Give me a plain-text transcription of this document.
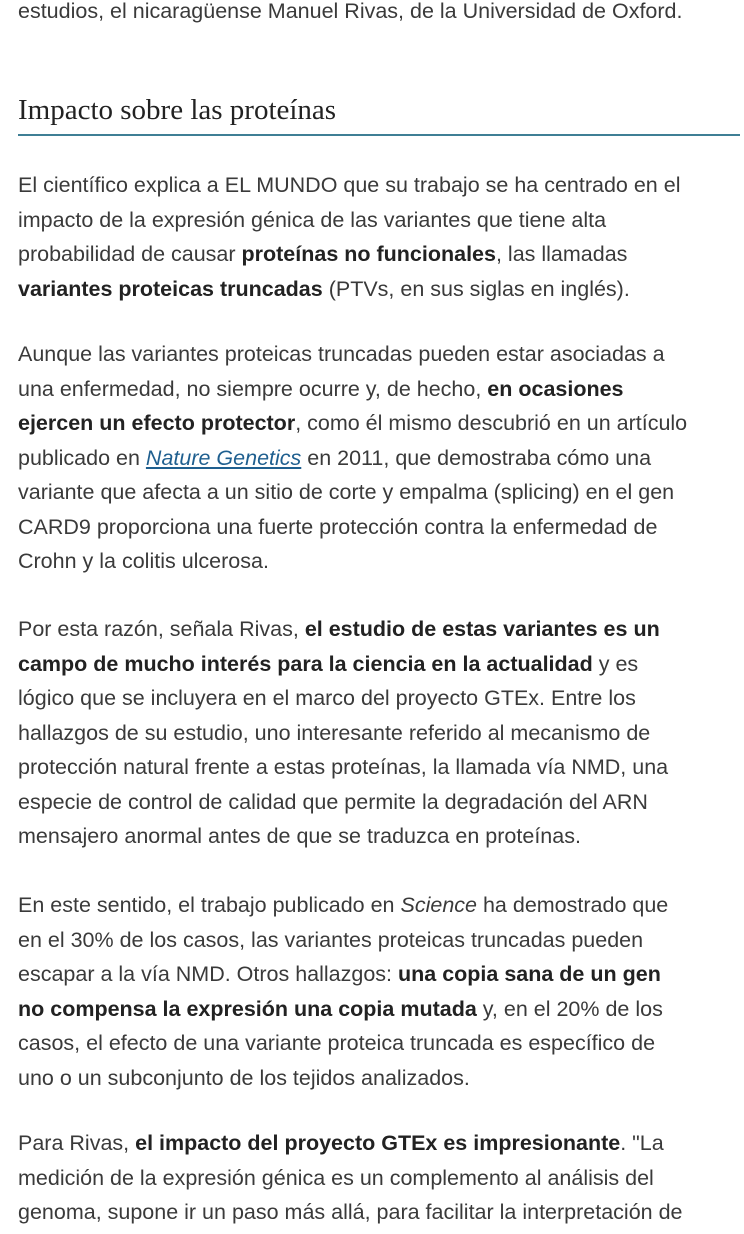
estudios, el nicaragüense Manuel Rivas, de la Universidad de Oxford.

Impacto sobre las proteínas

El científico explica a EL MUNDO que su trabajo se ha centrado en el
impacto de la expresión génica de las variantes que tiene alta
probabilidad de causar proteínas no funcionales, las llamadas
variantes proteicas truncadas (PTVs, en sus siglas en inglés).

Aunque las variantes proteicas truncadas pueden estar asociadas a
una enfermedad, no siempre ocurre y, de hecho, en ocasiones
ejercen un efecto protector, como él mismo descubrió en un artículo
publicado en Nature Genetics en 2011, que demostraba cómo una
variante que afecta a un sitio de corte y empalma (splicing) en el gen
CARD9 proporciona una fuerte protección contra la enfermedad de
Crohn y la colitis ulcerosa.

Por esta razón, señala Rivas, el estudio de estas variantes es un
campo de mucho interés para la ciencia en la actualidad y es
lógico que se incluyera en el marco del proyecto GTEx. Entre los
hallazgos de su estudio, uno interesante referido al mecanismo de
protección natural frente a estas proteínas, la llamada vía NMD, una
especie de control de calidad que permite la degradación del ARN
mensajero anormal antes de que se traduzca en proteínas.

En este sentido, el trabajo publicado en Science ha demostrado que
en el 30% de los casos, las variantes proteicas truncadas pueden
escapar a la vía NMD. Otros hallazgos: una copia sana de un gen
no compensa la expresión una copia mutada y, en el 20% de los
casos, el efecto de una variante proteica truncada es específico de
uno o un subconjunto de los tejidos analizados.

Para Rivas, el impacto del proyecto GTEx es impresionante. "La
medición de la expresión génica es un complemento al análisis del
genoma, supone ir un paso más allá, para facilitar la interpretación de
